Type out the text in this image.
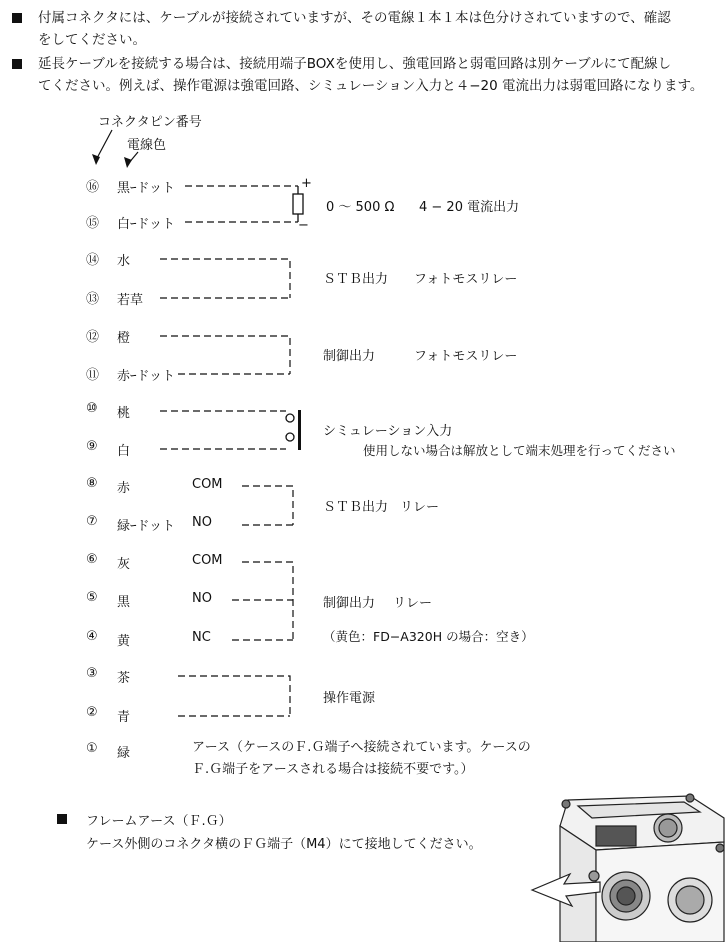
付属コネクタには、ケーブルが接続されていますが、その電線１本１本は色分けされていますので、確認
をしてください。
延長ケーブルを接続する場合は、接続用端子BOXを使用し、強電回路と弱電回路は別ケーブルにて配線し
てください。例えば、操作電源は強電回路、シミュレーション入力と４−20 電流出力は弱電回路になります。
コネクタピン番号
電線色
⑯ 黒ｰドット
⑮ 白ｰドット
⑭ 水
⑬ 若草
⑫ 橙
⑪ 赤ｰドット
⑩ 桃
⑨ 白
⑧ 赤	COM
⑦ 緑ｰドット NO
⑥ 灰	COM
⑤ 黒	NO
④ 黄	NC
③ 茶
② 青
① 緑
+
−
0 〜 500 Ω 4 − 20 電流出力
ＳＴＢ出力 フォトモスリレー
制御出力	フォトモスリレー
シミュレーション入力
使用しない場合は解放として端末処理を行ってください
ＳＴＢ出力 リレー
制御出力 リレー
（黄色：FD−A320H の場合：空き）
操作電源
アース（ケースのＦ.Ｇ端子へ接続されています。ケースの
Ｆ.Ｇ端子をアースされる場合は接続不要です。）
フレームアース（Ｆ.Ｇ）
ケース外側のコネクタ横のＦＧ端子（M4）にて接地してください。
